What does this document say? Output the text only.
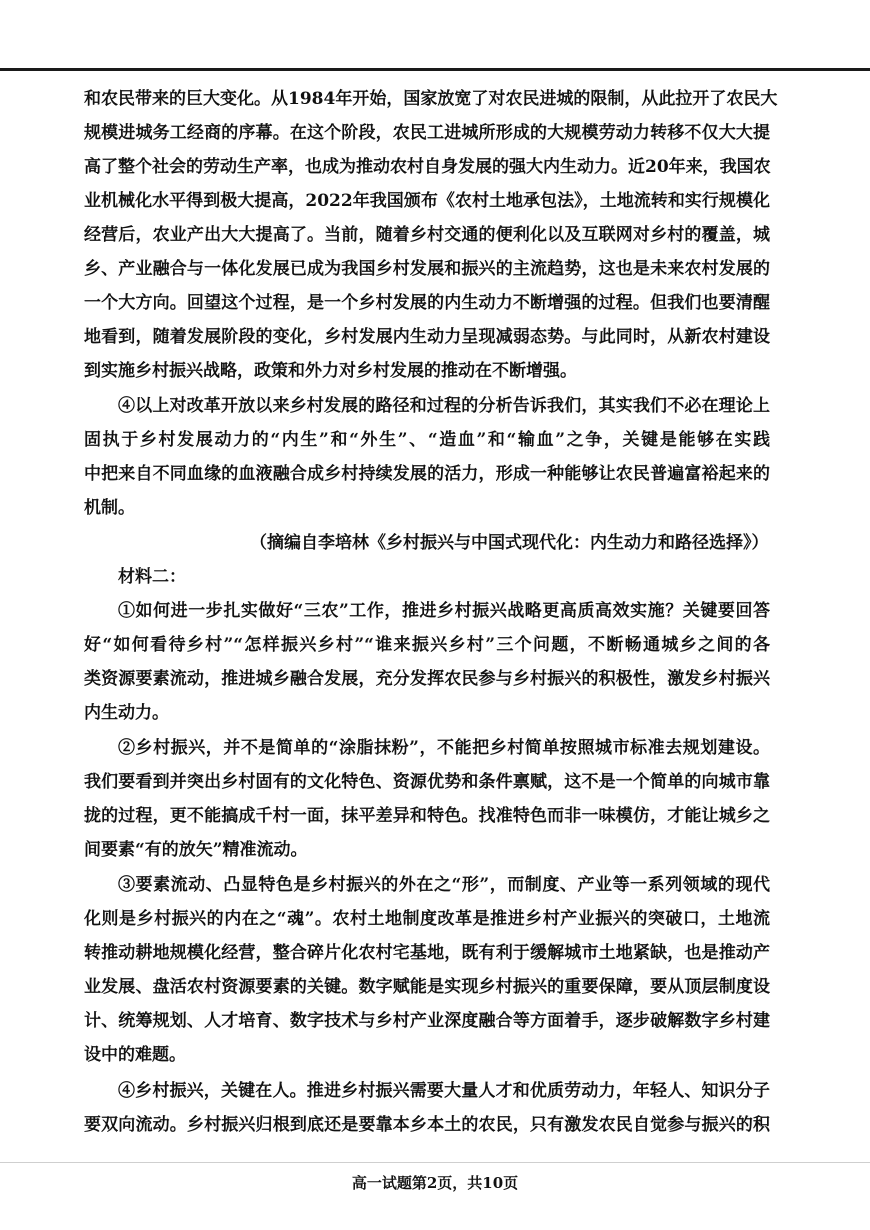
和农民带来的巨大变化。从1984年开始，国家放宽了对农民进城的限制，从此拉开了农民大
规模进城务工经商的序幕。在这个阶段，农民工进城所形成的大规模劳动力转移不仅大大提
高了整个社会的劳动生产率，也成为推动农村自身发展的强大内生动力。近20年来，我国农
业机械化水平得到极大提高，2022年我国颁布《农村土地承包法》，土地流转和实行规模化
经营后，农业产出大大提高了。当前，随着乡村交通的便利化以及互联网对乡村的覆盖，城
乡、产业融合与一体化发展已成为我国乡村发展和振兴的主流趋势，这也是未来农村发展的
一个大方向。回望这个过程，是一个乡村发展的内生动力不断增强的过程。但我们也要清醒
地看到，随着发展阶段的变化，乡村发展内生动力呈现减弱态势。与此同时，从新农村建设
到实施乡村振兴战略，政策和外力对乡村发展的推动在不断增强。
④以上对改革开放以来乡村发展的路径和过程的分析告诉我们，其实我们不必在理论上
固执于乡村发展动力的“内生”和“外生”、“造血”和“输血”之争，关键是能够在实践
中把来自不同血缘的血液融合成乡村持续发展的活力，形成一种能够让农民普遍富裕起来的
机制。
（摘编自李培林《乡村振兴与中国式现代化：内生动力和路径选择》）
材料二：
①如何进一步扎实做好“三农”工作，推进乡村振兴战略更高质高效实施？关键要回答
好“如何看待乡村”“怎样振兴乡村”“谁来振兴乡村”三个问题，不断畅通城乡之间的各
类资源要素流动，推进城乡融合发展，充分发挥农民参与乡村振兴的积极性，激发乡村振兴
内生动力。
②乡村振兴，并不是简单的“涂脂抹粉”，不能把乡村简单按照城市标准去规划建设。
我们要看到并突出乡村固有的文化特色、资源优势和条件禀赋，这不是一个简单的向城市靠
拢的过程，更不能搞成千村一面，抹平差异和特色。找准特色而非一味模仿，才能让城乡之
间要素“有的放矢”精准流动。
③要素流动、凸显特色是乡村振兴的外在之“形”，而制度、产业等一系列领域的现代
化则是乡村振兴的内在之“魂”。农村土地制度改革是推进乡村产业振兴的突破口，土地流
转推动耕地规模化经营，整合碎片化农村宅基地，既有利于缓解城市土地紧缺，也是推动产
业发展、盘活农村资源要素的关键。数字赋能是实现乡村振兴的重要保障，要从顶层制度设
计、统筹规划、人才培育、数字技术与乡村产业深度融合等方面着手，逐步破解数字乡村建
设中的难题。
④乡村振兴，关键在人。推进乡村振兴需要大量人才和优质劳动力，年轻人、知识分子
要双向流动。乡村振兴归根到底还是要靠本乡本土的农民，只有激发农民自觉参与振兴的积
高一试题第2页，共10页
